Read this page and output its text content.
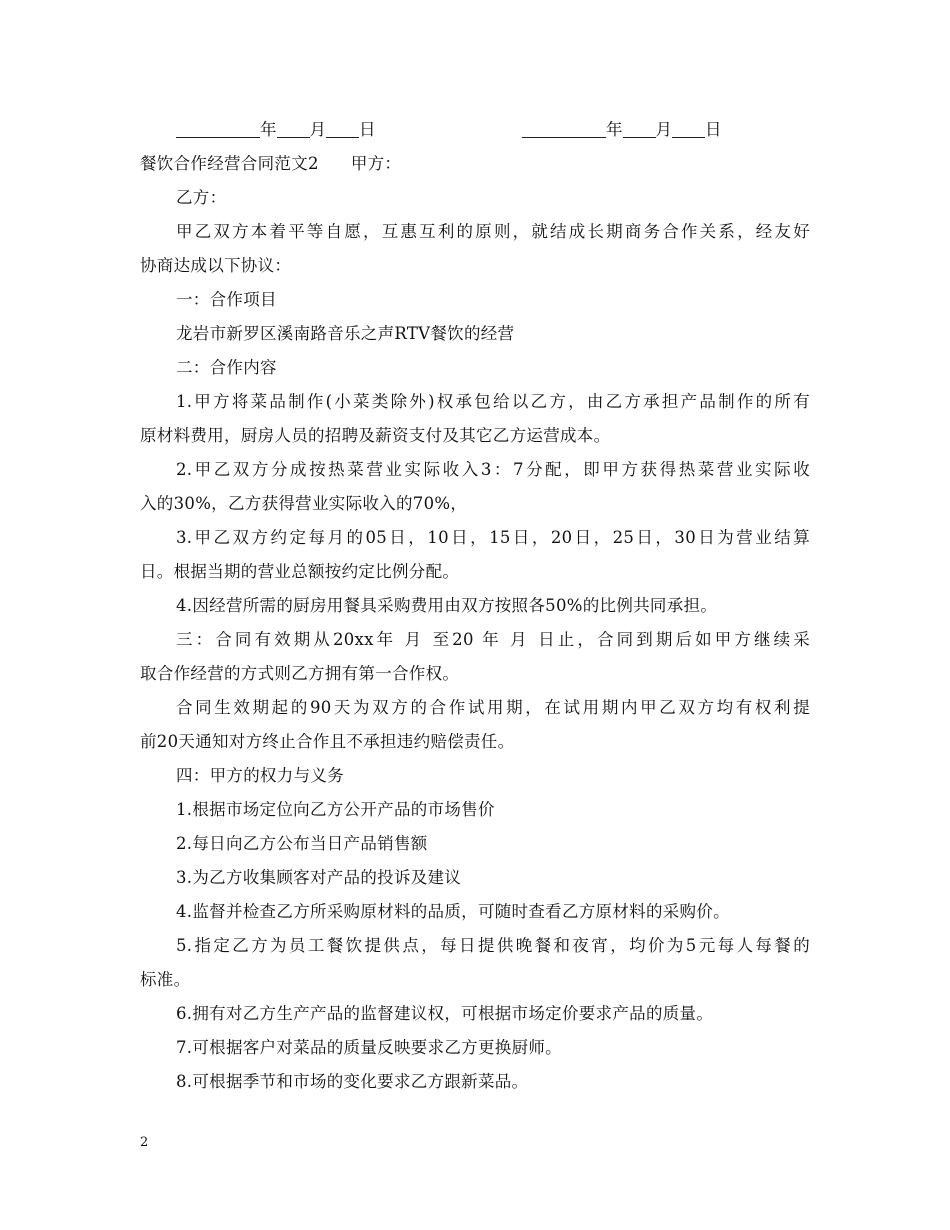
年 月 日	年 月 日
餐饮合作经营合同范文2 甲方：
乙方：
甲乙双方本着平等自愿，互惠互利的原则，就结成长期商务合作关系，经友好
协商达成以下协议：
一：合作项目
龙岩市新罗区溪南路音乐之声RTV餐饮的经营
二：合作内容
1.甲方将菜品制作(小菜类除外)权承包给以乙方，由乙方承担产品制作的所有
原材料费用，厨房人员的招聘及薪资支付及其它乙方运营成本。
2.甲乙双方分成按热菜营业实际收入3：7分配，即甲方获得热菜营业实际收
入的30%，乙方获得营业实际收入的70%，
3.甲乙双方约定每月的05日，10日，15日，20日，25日，30日为营业结算
日。根据当期的营业总额按约定比例分配。
4.因经营所需的厨房用餐具采购费用由双方按照各50%的比例共同承担。
三：合同有效期从20xx年 月 至20 年 月 日止，合同到期后如甲方继续采
取合作经营的方式则乙方拥有第一合作权。
合同生效期起的90天为双方的合作试用期，在试用期内甲乙双方均有权利提
前20天通知对方终止合作且不承担违约赔偿责任。
四：甲方的权力与义务
1.根据市场定位向乙方公开产品的市场售价
2.每日向乙方公布当日产品销售额
3.为乙方收集顾客对产品的投诉及建议
4.监督并检查乙方所采购原材料的品质，可随时查看乙方原材料的采购价。
5.指定乙方为员工餐饮提供点，每日提供晚餐和夜宵，均价为5元每人每餐的
标准。
6.拥有对乙方生产产品的监督建议权，可根据市场定价要求产品的质量。
7.可根据客户对菜品的质量反映要求乙方更换厨师。
8.可根据季节和市场的变化要求乙方跟新菜品。
2
